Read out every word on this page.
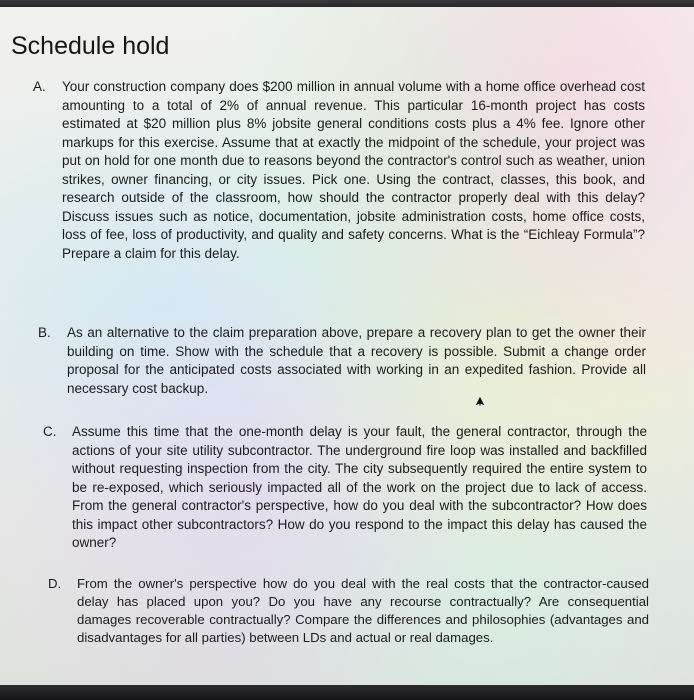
Schedule hold
A. Your construction company does $200 million in annual volume with a home office overhead cost amounting to a total of 2% of annual revenue. This particular 16-month project has costs estimated at $20 million plus 8% jobsite general conditions costs plus a 4% fee. Ignore other markups for this exercise. Assume that at exactly the midpoint of the schedule, your project was put on hold for one month due to reasons beyond the contractor's control such as weather, union strikes, owner financing, or city issues. Pick one. Using the contract, classes, this book, and research outside of the classroom, how should the contractor properly deal with this delay? Discuss issues such as notice, documentation, jobsite administration costs, home office costs, loss of fee, loss of productivity, and quality and safety concerns. What is the “Eichleay Formula”? Prepare a claim for this delay.

B. As an alternative to the claim preparation above, prepare a recovery plan to get the owner their building on time. Show with the schedule that a recovery is possible. Submit a change order proposal for the anticipated costs associated with working in an expedited fashion. Provide all necessary cost backup.

C. Assume this time that the one-month delay is your fault, the general contractor, through the actions of your site utility subcontractor. The underground fire loop was installed and backfilled without requesting inspection from the city. The city subsequently required the entire system to be re-exposed, which seriously impacted all of the work on the project due to lack of access. From the general contractor's perspective, how do you deal with the subcontractor? How does this impact other subcontractors? How do you respond to the impact this delay has caused the owner?

D. From the owner's perspective how do you deal with the real costs that the contractor-caused delay has placed upon you? Do you have any recourse contractually? Are consequential damages recoverable contractually? Compare the differences and philosophies (advantages and disadvantages for all parties) between LDs and actual or real damages.
